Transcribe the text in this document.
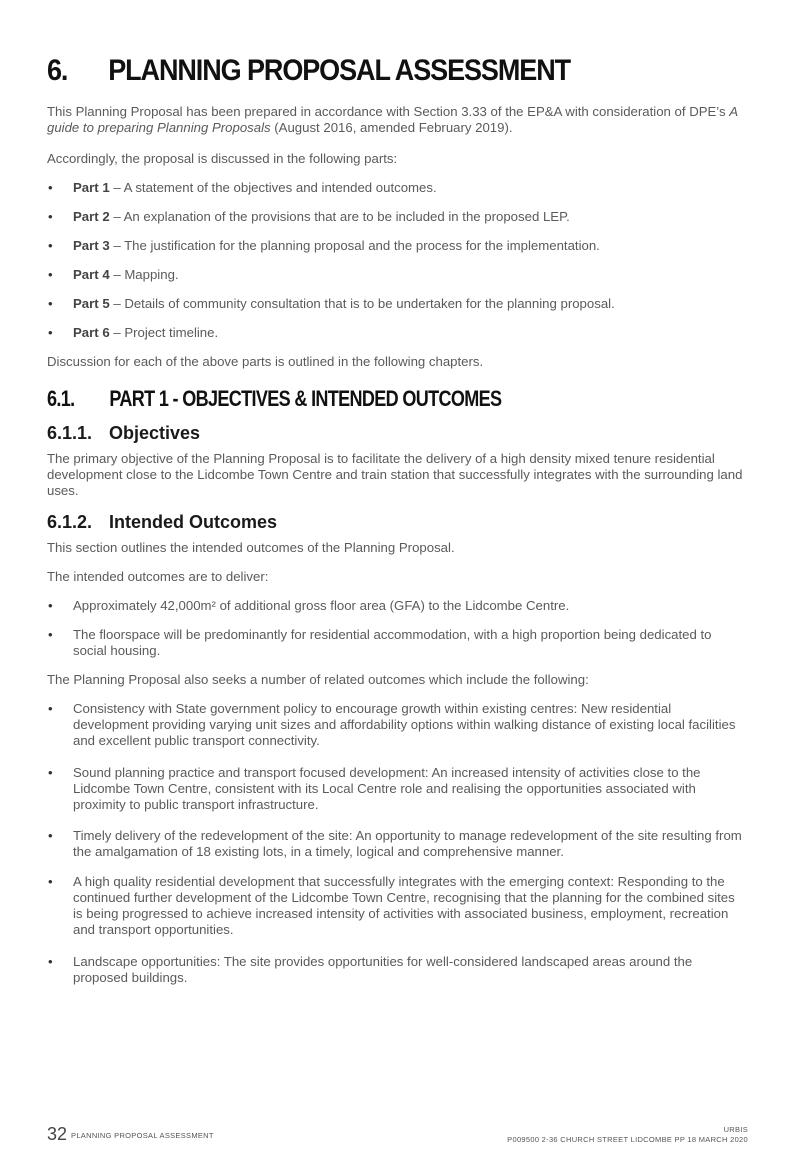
6. PLANNING PROPOSAL ASSESSMENT

This Planning Proposal has been prepared in accordance with Section 3.33 of the EP&A with consideration of DPE’s A guide to preparing Planning Proposals (August 2016, amended February 2019).

Accordingly, the proposal is discussed in the following parts:

• Part 1 – A statement of the objectives and intended outcomes.
• Part 2 – An explanation of the provisions that are to be included in the proposed LEP.
• Part 3 – The justification for the planning proposal and the process for the implementation.
• Part 4 – Mapping.
• Part 5 – Details of community consultation that is to be undertaken for the planning proposal.
• Part 6 – Project timeline.

Discussion for each of the above parts is outlined in the following chapters.

6.1. PART 1 - OBJECTIVES & INTENDED OUTCOMES
6.1.1. Objectives

The primary objective of the Planning Proposal is to facilitate the delivery of a high density mixed tenure residential development close to the Lidcombe Town Centre and train station that successfully integrates with the surrounding land uses.

6.1.2. Intended Outcomes

This section outlines the intended outcomes of the Planning Proposal.

The intended outcomes are to deliver:

• Approximately 42,000m² of additional gross floor area (GFA) to the Lidcombe Centre.
• The floorspace will be predominantly for residential accommodation, with a high proportion being dedicated to social housing.

The Planning Proposal also seeks a number of related outcomes which include the following:

• Consistency with State government policy to encourage growth within existing centres: New residential development providing varying unit sizes and affordability options within walking distance of existing local facilities and excellent public transport connectivity.
• Sound planning practice and transport focused development: An increased intensity of activities close to the Lidcombe Town Centre, consistent with its Local Centre role and realising the opportunities associated with proximity to public transport infrastructure.
• Timely delivery of the redevelopment of the site: An opportunity to manage redevelopment of the site resulting from the amalgamation of 18 existing lots, in a timely, logical and comprehensive manner.
• A high quality residential development that successfully integrates with the emerging context: Responding to the continued further development of the Lidcombe Town Centre, recognising that the planning for the combined sites is being progressed to achieve increased intensity of activities with associated business, employment, recreation and transport opportunities.
• Landscape opportunities: The site provides opportunities for well-considered landscaped areas around the proposed buildings.
32 PLANNING PROPOSAL ASSESSMENT
URBIS
P009500 2-36 CHURCH STREET LIDCOMBE PP 18 MARCH 2020
